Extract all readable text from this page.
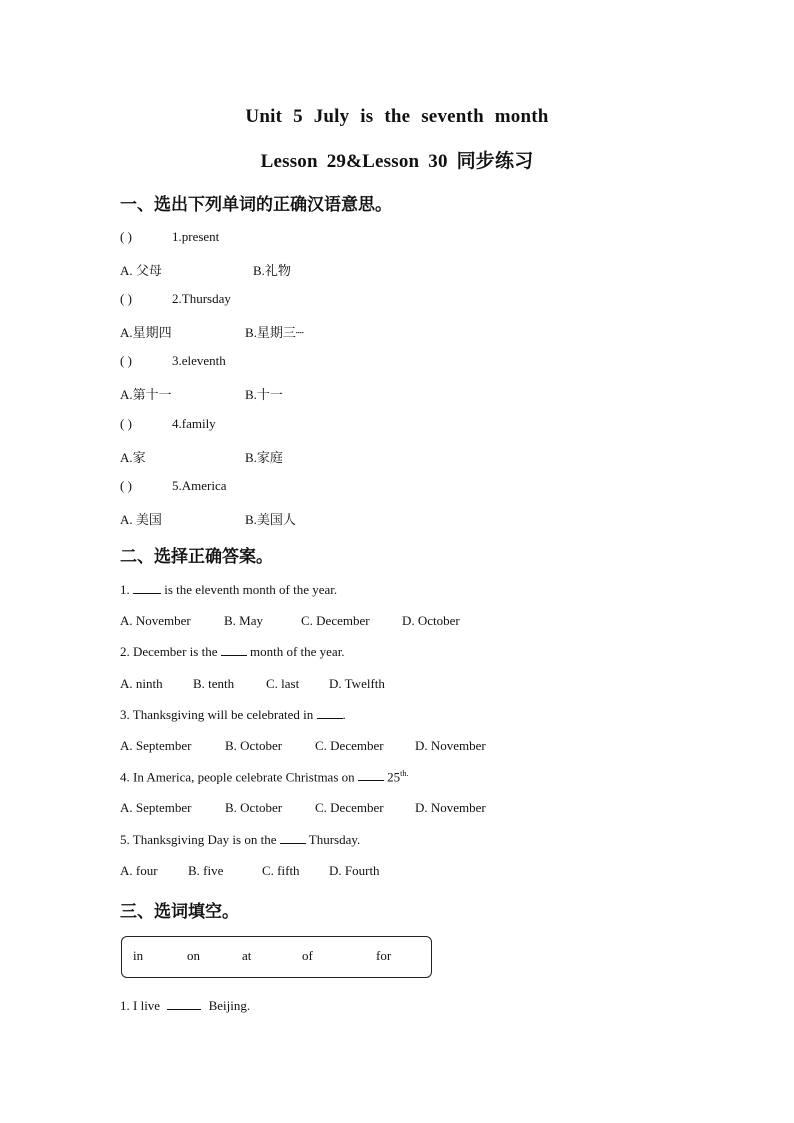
Unit 5 July is the seventh month
Lesson 29&Lesson 30 同步练习
一、选出下列单词的正确汉语意思。
( )	1.present
A. 父母	B.礼物
( )	2.Thursday
A.星期四	B.星期三┈
( )	3.eleventh
A.第十一	B.十一
( )	4.family
A.家	B.家庭
( )	5.America
A. 美国	B.美国人
二、选择正确答案。
1.	is the eleventh month of the year.
A. November	B. May	C. December D. October
2. December is the	month of the year.
A. ninth B. tenth C. last D. Twelfth
3. Thanksgiving will be celebrated in .
A. September	B. October	C. December D. November
4. In America, people celebrate Christmas on	$25^{th.}$
A. September	B. October	C. December D. November
5. Thanksgiving Day is on the Thursday.
A. four B. five	C. fifth D. Fourth
三、选词填空。
in	on	at	of	for
1. I live	Beijing.
